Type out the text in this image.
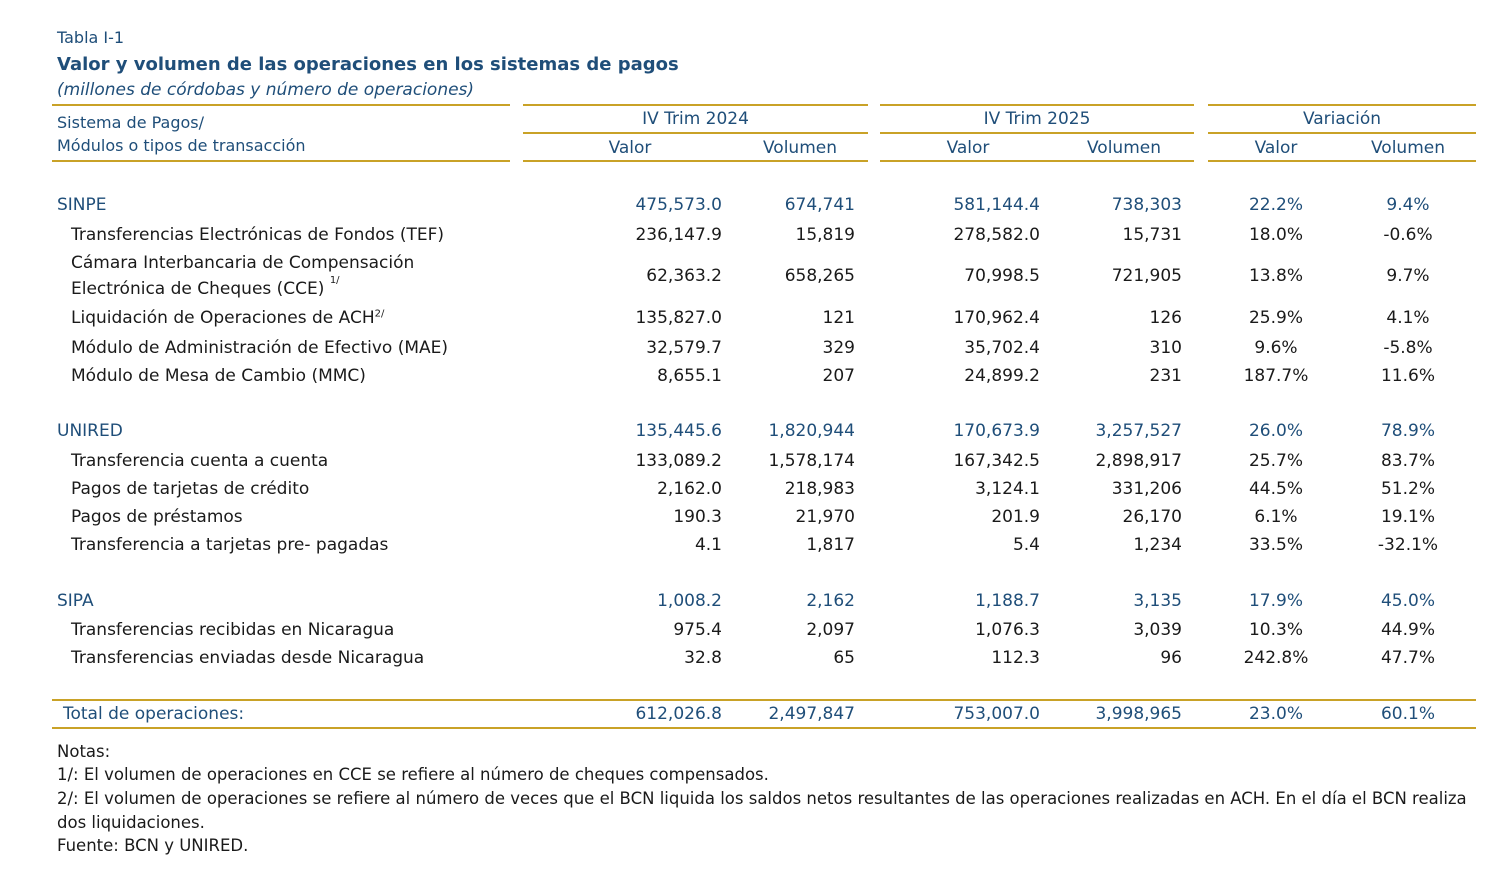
Tabla I-1
Valor y volumen de las operaciones en los sistemas de pagos
(millones de córdobas y número de operaciones)
Sistema de Pagos/
Módulos o tipos de transacción
IV Trim 2024	IV Trim 2025	Variación
Valor	Volumen	Valor	Volumen	Valor	Volumen
SINPE	475,573.0	674,741	581,144.4	738,303	22.2%	9.4%
Transferencias Electrónicas de Fondos (TEF)	236,147.9	15,819	278,582.0	15,731	18.0%	-0.6%
Cámara Interbancaria de Compensación
Electrónica de Cheques (CCE) $^{1/}$	62,363.2	658,265	70,998.5	721,905	13.8%	9.7%
Liquidación de Operaciones de $ACH^{2/}$	135,827.0	121	170,962.4	126	25.9%	4.1%
Módulo de Administración de Efectivo (MAE)	32,579.7	329	35,702.4	310	9.6%	-5.8%
Módulo de Mesa de Cambio (MMC)	8,655.1	207	24,899.2	231	187.7%	11.6%
UNIRED	135,445.6	1,820,944	170,673.9	3,257,527	26.0%	78.9%
Transferencia cuenta a cuenta	133,089.2	1,578,174	167,342.5	2,898,917	25.7%	83.7%
Pagos de tarjetas de crédito	2,162.0	218,983	3,124.1	331,206	44.5%	51.2%
Pagos de préstamos	190.3	21,970	201.9	26,170	6.1%	19.1%
Transferencia a tarjetas pre- pagadas	4.1	1,817	5.4	1,234	33.5%	-32.1%
SIPA	1,008.2	2,162	1,188.7	3,135	17.9%	45.0%
Transferencias recibidas en Nicaragua	975.4	2,097	1,076.3	3,039	10.3%	44.9%
Transferencias enviadas desde Nicaragua	32.8	65	112.3	96	242.8%	47.7%
Total de operaciones:	612,026.8	2,497,847	753,007.0	3,998,965	23.0%	60.1%
Notas:
1/: El volumen de operaciones en CCE se refiere al número de cheques compensados.
2/: El volumen de operaciones se refiere al número de veces que el BCN liquida los saldos netos resultantes de las operaciones realizadas en ACH. En el día el BCN realiza dos liquidaciones.
Fuente: BCN y UNIRED.
